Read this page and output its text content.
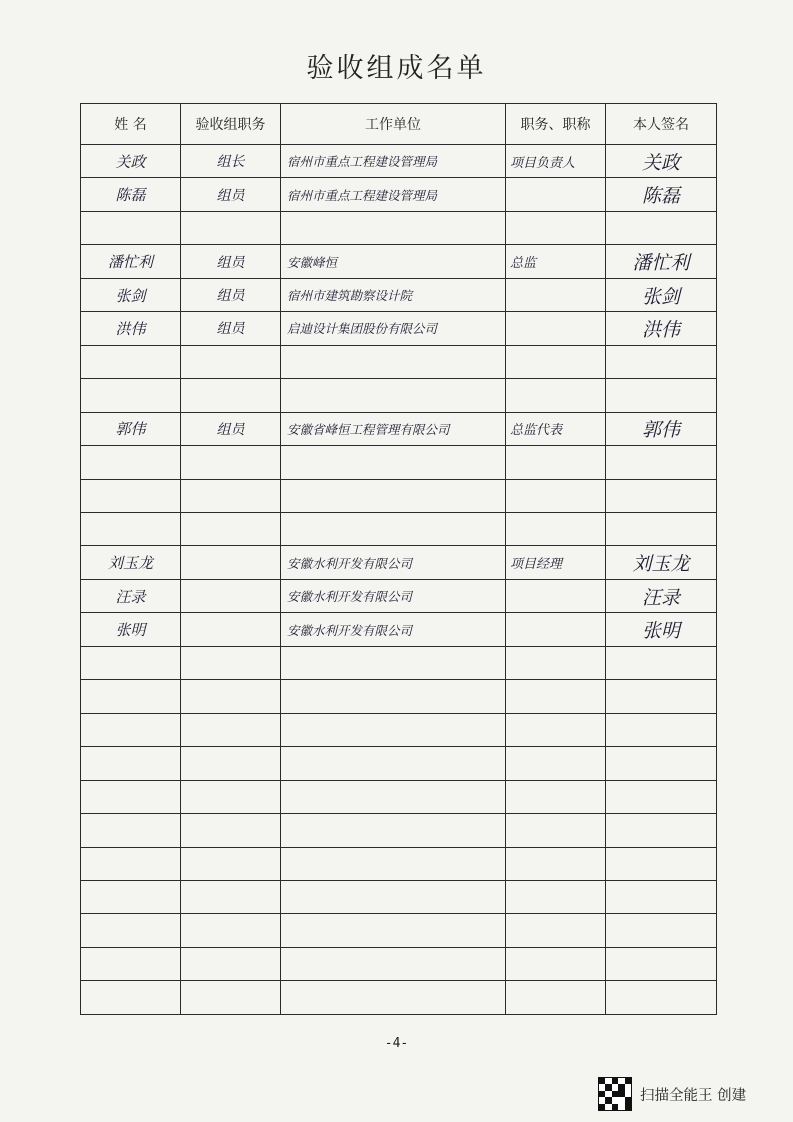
验收组成名单
姓 名	验收组职务	工作单位	职务、职称	本人签名
关政	组长	宿州市重点工程建设管理局	项目负责人	关政
陈磊	组员	宿州市重点工程建设管理局		陈磊

潘忙利	组员	安徽峰恒	总监	潘忙利
张剑	组员	宿州市建筑勘察设计院		张剑
洪伟	组员	启迪设计集团股份有限公司		洪伟

郭伟	组员	安徽省峰恒工程管理有限公司	总监代表	郭伟

刘玉龙		安徽水利开发有限公司	项目经理	刘玉龙
汪录		安徽水利开发有限公司		汪录
张明		安徽水利开发有限公司		张明

-4-
扫描全能王 创建
